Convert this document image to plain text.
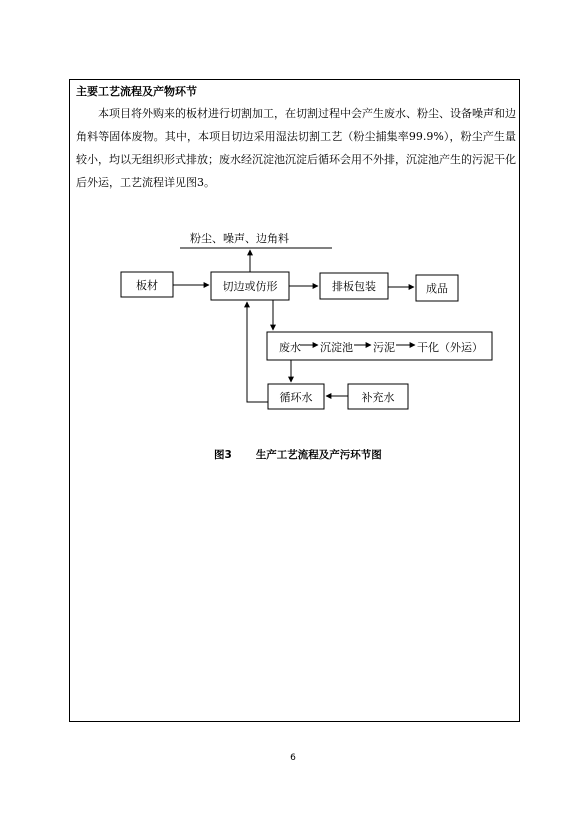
主要工艺流程及产物环节
本项目将外购来的板材进行切割加工，在切割过程中会产生废水、粉尘、设备噪声和边角料等固体废物。其中，本项目切边采用湿法切割工艺（粉尘捕集率99.9%），粉尘产生量较小，均以无组织形式排放；废水经沉淀池沉淀后循环会用不外排，沉淀池产生的污泥干化后外运，工艺流程详见图3。
粉尘、噪声、边角料
板材	切边或仿形	排板包装	成品
废水 沉淀池 污泥 干化（外运）
循环水	补充水
图3 生产工艺流程及产污环节图
6
